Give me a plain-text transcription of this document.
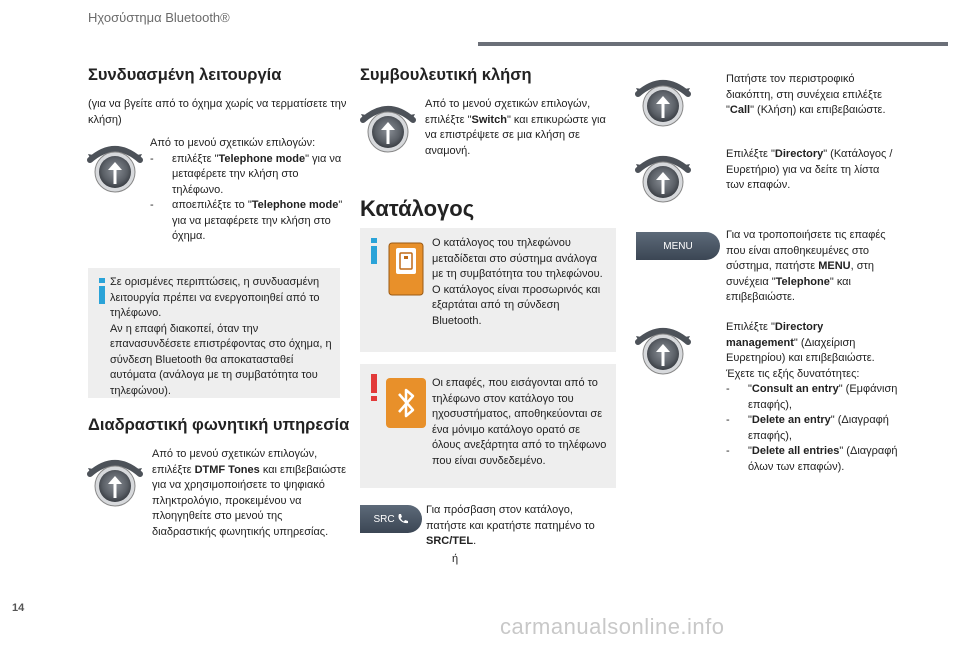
Ηχοσύστημα Bluetooth®
Συνδυασμένη λειτουργία
(για να βγείτε από το όχημα χωρίς να τερματίσετε την κλήση)
Από το μενού σχετικών επιλογών:
- επιλέξτε "Telephone mode" για να μεταφέρετε την κλήση στο τηλέφωνο.
- αποεπιλέξτε το "Telephone mode" για να μεταφέρετε την κλήση στο όχημα.
Σε ορισμένες περιπτώσεις, η συνδυασμένη λειτουργία πρέπει να ενεργοποιηθεί από το τηλέφωνο.
Αν η επαφή διακοπεί, όταν την επανασυνδέσετε επιστρέφοντας στο όχημα, η σύνδεση Bluetooth θα αποκατασταθεί αυτόματα (ανάλογα με τη συμβατότητα του τηλεφώνου).
Διαδραστική φωνητική υπηρεσία
Από το μενού σχετικών επιλογών, επιλέξτε DTMF Tones και επιβεβαιώστε για να χρησιμοποιήσετε το ψηφιακό πληκτρολόγιο, προκειμένου να πλοηγηθείτε στο μενού της διαδραστικής φωνητικής υπηρεσίας.
Συμβουλευτική κλήση
Από το μενού σχετικών επιλογών, επιλέξτε "Switch" και επικυρώστε για να επιστρέψετε σε μια κλήση σε αναμονή.
Κατάλογος
Ο κατάλογος του τηλεφώνου μεταδίδεται στο σύστημα ανάλογα με τη συμβατότητα του τηλεφώνου. Ο κατάλογος είναι προσωρινός και εξαρτάται από τη σύνδεση Bluetooth.
Οι επαφές, που εισάγονται από το τηλέφωνο στον κατάλογο του ηχοσυστήματος, αποθηκεύονται σε ένα μόνιμο κατάλογο ορατό σε όλους ανεξάρτητα από το τηλέφωνο που είναι συνδεδεμένο.
SRC
Για πρόσβαση στον κατάλογο, πατήστε και κρατήστε πατημένο το SRC/TEL.
ή
Πατήστε τον περιστροφικό διακόπτη, στη συνέχεια επιλέξτε "Call" (Κλήση) και επιβεβαιώστε.
Επιλέξτε "Directory" (Κατάλογος / Ευρετήριο) για να δείτε τη λίστα των επαφών.
MENU
Για να τροποποιήσετε τις επαφές που είναι αποθηκευμένες στο σύστημα, πατήστε MENU, στη συνέχεια "Telephone" και επιβεβαιώστε.
Επιλέξτε "Directory management" (Διαχείριση Ευρετηρίου) και επιβεβαιώστε.
Έχετε τις εξής δυνατότητες:
- "Consult an entry" (Εμφάνιση επαφής),
- "Delete an entry" (Διαγραφή επαφής),
- "Delete all entries" (Διαγραφή όλων των επαφών).
14
carmanualsonline.info
